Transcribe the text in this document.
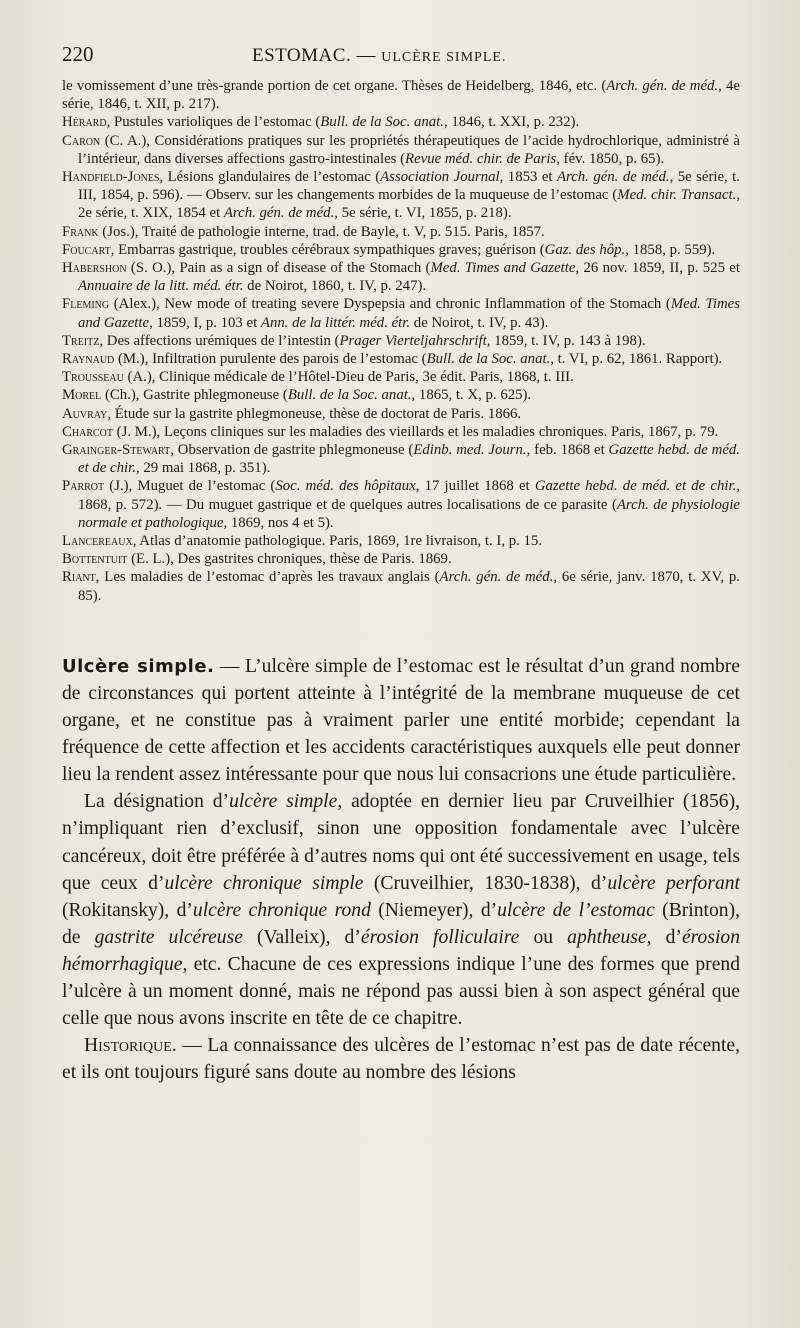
220	ESTOMAC. — ULCÈRE SIMPLE.
le vomissement d’une très-grande portion de cet organe. Thèses de Heidelberg, 1846, etc. (Arch. gén. de méd., 4e série, 1846, t. XII, p. 217).
Hérard, Pustules varioliques de l’estomac (Bull. de la Soc. anat., 1846, t. XXI, p. 232).
Caron (C. A.), Considérations pratiques sur les propriétés thérapeutiques de l’acide hydrochlorique, administré à l’intérieur, dans diverses affections gastro-intestinales (Revue méd. chir. de Paris, fév. 1850, p. 65).
Handfield-Jones, Lésions glandulaires de l’estomac (Association Journal, 1853 et Arch. gén. de méd., 5e série, t. III, 1854, p. 596). — Observ. sur les changements morbides de la muqueuse de l’estomac (Med. chir. Transact., 2e série, t. XIX, 1854 et Arch. gén. de méd., 5e série, t. VI, 1855, p. 218).
Frank (Jos.), Traité de pathologie interne, trad. de Bayle, t. V, p. 515. Paris, 1857.
Foucart, Embarras gastrique, troubles cérébraux sympathiques graves; guérison (Gaz. des hôp., 1858, p. 559).
Habershon (S. O.), Pain as a sign of disease of the Stomach (Med. Times and Gazette, 26 nov. 1859, II, p. 525 et Annuaire de la litt. méd. étr. de Noirot, 1860, t. IV, p. 247).
Fleming (Alex.), New mode of treating severe Dyspepsia and chronic Inflammation of the Stomach (Med. Times and Gazette, 1859, I, p. 103 et Ann. de la littér. méd. étr. de Noirot, t. IV, p. 43).
Treitz, Des affections urémiques de l’intestin (Prager Vierteljahrschrift, 1859, t. IV, p. 143 à 198).
Raynaud (M.), Infiltration purulente des parois de l’estomac (Bull. de la Soc. anat., t. VI, p. 62, 1861. Rapport).
Trousseau (A.), Clinique médicale de l’Hôtel-Dieu de Paris, 3e édit. Paris, 1868, t. III.
Morel (Ch.), Gastrite phlegmoneuse (Bull. de la Soc. anat., 1865, t. X, p. 625).
Auvray, Étude sur la gastrite phlegmoneuse, thèse de doctorat de Paris. 1866.
Charcot (J. M.), Leçons cliniques sur les maladies des vieillards et les maladies chroniques. Paris, 1867, p. 79.
Grainger-Stewart, Observation de gastrite phlegmoneuse (Edinb. med. Journ., feb. 1868 et Gazette hebd. de méd. et de chir., 29 mai 1868, p. 351).
Parrot (J.), Muguet de l’estomac (Soc. méd. des hôpitaux, 17 juillet 1868 et Gazette hebd. de méd. et de chir., 1868, p. 572). — Du muguet gastrique et de quelques autres localisations de ce parasite (Arch. de physiologie normale et pathologique, 1869, nos 4 et 5).
Lancereaux, Atlas d’anatomie pathologique. Paris, 1869, 1re livraison, t. I, p. 15.
Bottentuit (E. L.), Des gastrites chroniques, thèse de Paris. 1869.
Riant, Les maladies de l’estomac d’après les travaux anglais (Arch. gén. de méd., 6e série, janv. 1870, t. XV, p. 85).

Ulcère simple. — L’ulcère simple de l’estomac est le résultat d’un grand nombre de circonstances qui portent atteinte à l’intégrité de la membrane muqueuse de cet organe, et ne constitue pas à vraiment parler une entité morbide; cependant la fréquence de cette affection et les accidents caractéristiques auxquels elle peut donner lieu la rendent assez intéressante pour que nous lui consacrions une étude particulière.

La désignation d’ulcère simple, adoptée en dernier lieu par Cruveilhier (1856), n’impliquant rien d’exclusif, sinon une opposition fondamentale avec l’ulcère cancéreux, doit être préférée à d’autres noms qui ont été successivement en usage, tels que ceux d’ulcère chronique simple (Cruveilhier, 1830-1838), d’ulcère perforant (Rokitansky), d’ulcère chronique rond (Niemeyer), d’ulcère de l’estomac (Brinton), de gastrite ulcéreuse (Valleix), d’érosion folliculaire ou aphtheuse, d’érosion hémorrhagique, etc. Chacune de ces expressions indique l’une des formes que prend l’ulcère à un moment donné, mais ne répond pas aussi bien à son aspect général que celle que nous avons inscrite en tête de ce chapitre.

Historique. — La connaissance des ulcères de l’estomac n’est pas de date récente, et ils ont toujours figuré sans doute au nombre des lésions
